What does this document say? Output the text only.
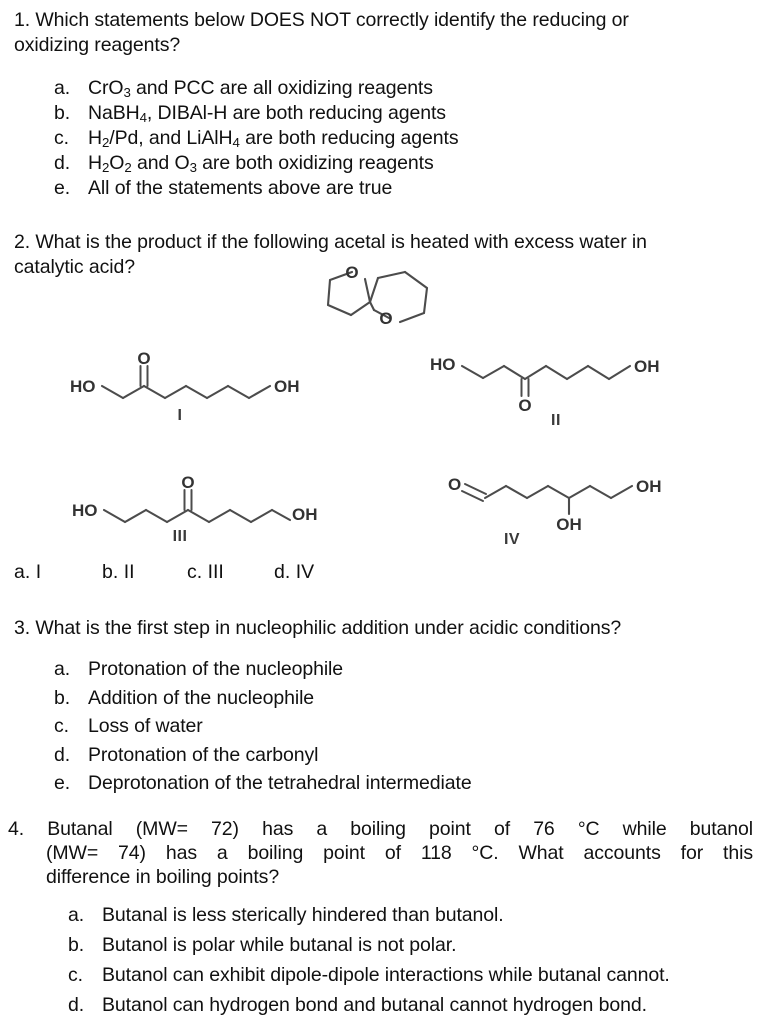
1. Which statements below DOES NOT correctly identify the reducing or
oxidizing reagents?
a. CrO$_3$ and PCC are all oxidizing reagents
b. NaBH$_4$, DIBAl-H are both reducing agents
c. $H_2/Pd$, and LiAlH$_4$ are both reducing agents
d. $H_2O_2$ and $O_3$ are both oxidizing reagents
e. All of the statements above are true
2. What is the product if the following acetal is heated with excess water in
catalytic acid?	O
O
HO
O
OH
I
HO
O
OH
II
HO
O
OH
III
O
OH
OH
IV
a. I	b. II	c. III	d. IV
3. What is the first step in nucleophilic addition under acidic conditions?
a. Protonation of the nucleophile
b. Addition of the nucleophile
c. Loss of water
d. Protonation of the carbonyl
e. Deprotonation of the tetrahedral intermediate
4. Butanal (MW= 72) has a boiling point of 76 °C while butanol
(MW= 74) has a boiling point of 118 °C. What accounts for this
difference in boiling points?
a. Butanal is less sterically hindered than butanol.
b. Butanol is polar while butanal is not polar.
c. Butanol can exhibit dipole-dipole interactions while butanal cannot.
d. Butanol can hydrogen bond and butanal cannot hydrogen bond.
